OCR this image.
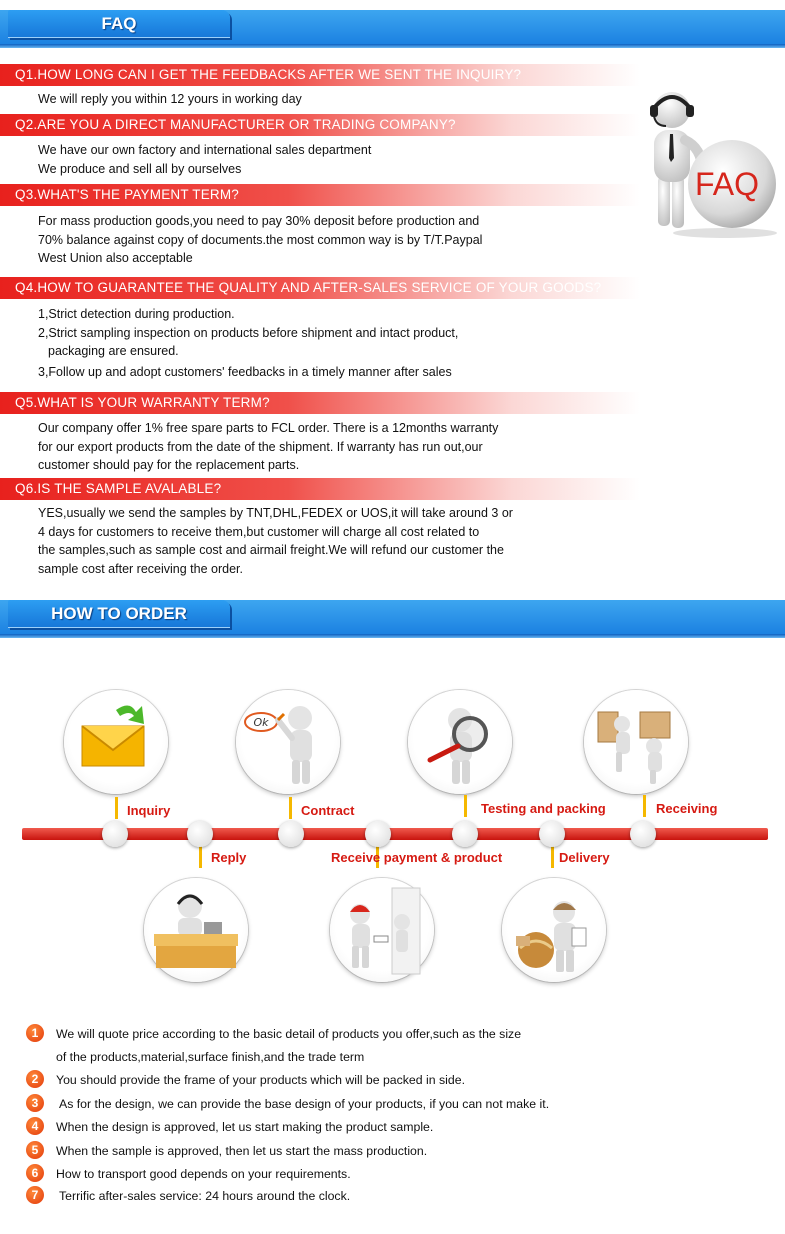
FAQ
Q1.HOW LONG CAN I GET THE FEEDBACKS AFTER WE SENT THE INQUIRY?
We will reply you within 12 yours in working day
Q2.ARE YOU A DIRECT MANUFACTURER OR TRADING COMPANY?
We have our own factory and international sales department
We produce and sell all by ourselves
Q3.WHAT'S THE PAYMENT TERM?
For mass production goods,you need to pay 30% deposit before production and
70% balance against copy of documents.the most common way is by T/T.Paypal
West Union also acceptable
Q4.HOW TO GUARANTEE THE QUALITY AND AFTER-SALES SERVICE OF YOUR GOODS?
1,Strict detection during production.
2,Strict sampling inspection on products before shipment and intact product,
packaging are ensured.
3,Follow up and adopt customers' feedbacks in a timely manner after sales
Q5.WHAT IS YOUR WARRANTY TERM?
Our company offer 1% free spare parts to FCL order. There is a 12months warranty
for our export products from the date of the shipment. If warranty has run out,our
customer should pay for the replacement parts.
Q6.IS THE SAMPLE AVALABLE?
YES,usually we send the samples by TNT,DHL,FEDEX or UOS,it will take around 3 or
4 days for customers to receive them,but customer will charge all cost related to
the samples,such as sample cost and airmail freight.We will refund our customer the
sample cost after receiving the order.
FAQ
HOW TO ORDER
Ok
Inquiry	Contract	Testing and packing	Receiving
Reply	Receive payment & product	Delivery
1	We will quote price according to the basic detail of products you offer,such as the size
of the products,material,surface finish,and the trade term
2	You should provide the frame of your products which will be packed in side.
3	As for the design, we can provide the base design of your products, if you can not make it.
4	When the design is approved, let us start making the product sample.
5	When the sample is approved, then let us start the mass production.
6	How to transport good depends on your requirements.
7	Terrific after-sales service: 24 hours around the clock.
